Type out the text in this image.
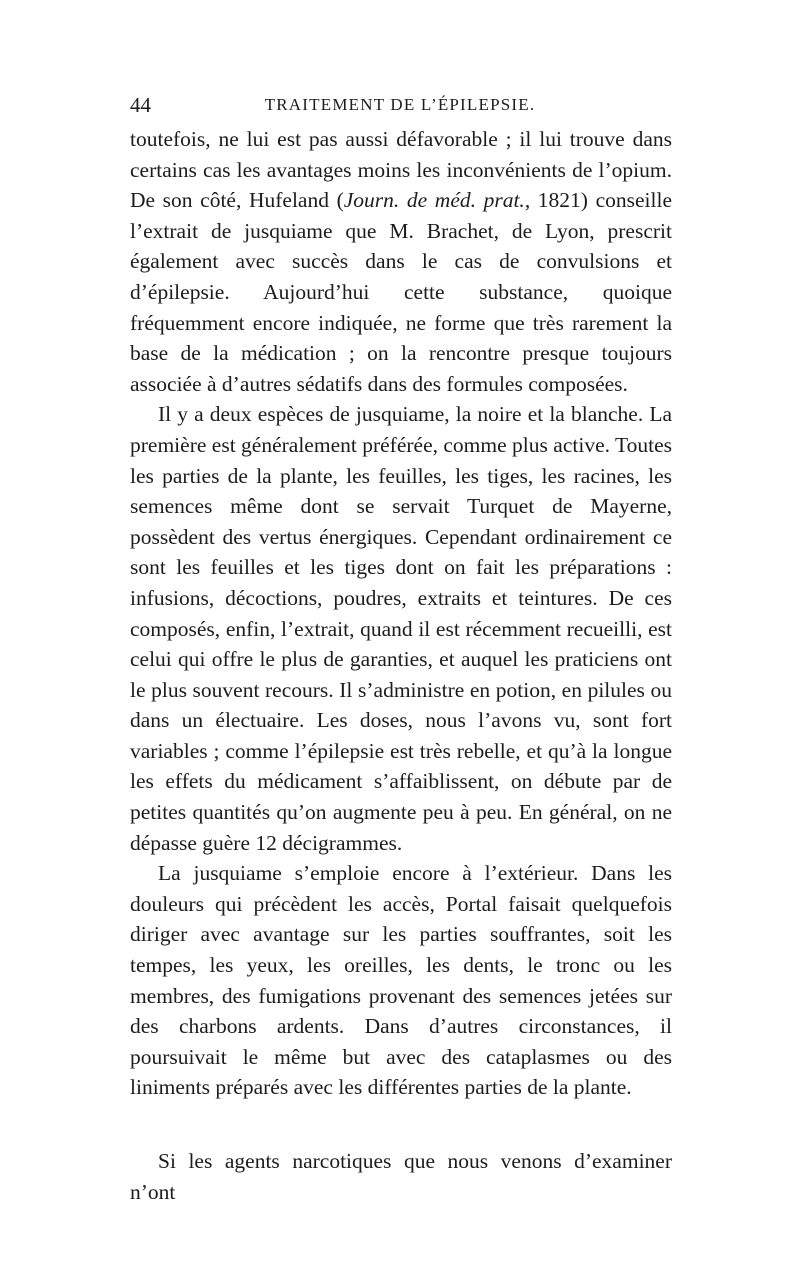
44	TRAITEMENT DE L’ÉPILEPSIE.

toutefois, ne lui est pas aussi défavorable ; il lui trouve dans certains cas les avantages moins les inconvénients de l’opium. De son côté, Hufeland (Journ. de méd. prat., 1821) conseille l’extrait de jusquiame que M. Brachet, de Lyon, prescrit également avec succès dans le cas de convulsions et d’épilepsie. Aujourd’hui cette substance, quoique fréquemment encore indiquée, ne forme que très rarement la base de la médication ; on la rencontre presque toujours associée à d’autres sédatifs dans des formules composées.

Il y a deux espèces de jusquiame, la noire et la blanche. La première est généralement préférée, comme plus active. Toutes les parties de la plante, les feuilles, les tiges, les racines, les semences même dont se servait Turquet de Mayerne, possèdent des vertus énergiques. Cependant ordinairement ce sont les feuilles et les tiges dont on fait les préparations : infusions, décoctions, poudres, extraits et teintures. De ces composés, enfin, l’extrait, quand il est récemment recueilli, est celui qui offre le plus de garanties, et auquel les praticiens ont le plus souvent recours. Il s’administre en potion, en pilules ou dans un électuaire. Les doses, nous l’avons vu, sont fort variables ; comme l’épilepsie est très rebelle, et qu’à la longue les effets du médicament s’affaiblissent, on débute par de petites quantités qu’on augmente peu à peu. En général, on ne dépasse guère 12 décigrammes.

La jusquiame s’emploie encore à l’extérieur. Dans les douleurs qui précèdent les accès, Portal faisait quelquefois diriger avec avantage sur les parties souffrantes, soit les tempes, les yeux, les oreilles, les dents, le tronc ou les membres, des fumigations provenant des semences jetées sur des charbons ardents. Dans d’autres circonstances, il poursuivait le même but avec des cataplasmes ou des liniments préparés avec les différentes parties de la plante.

Si les agents narcotiques que nous venons d’examiner n’ont
